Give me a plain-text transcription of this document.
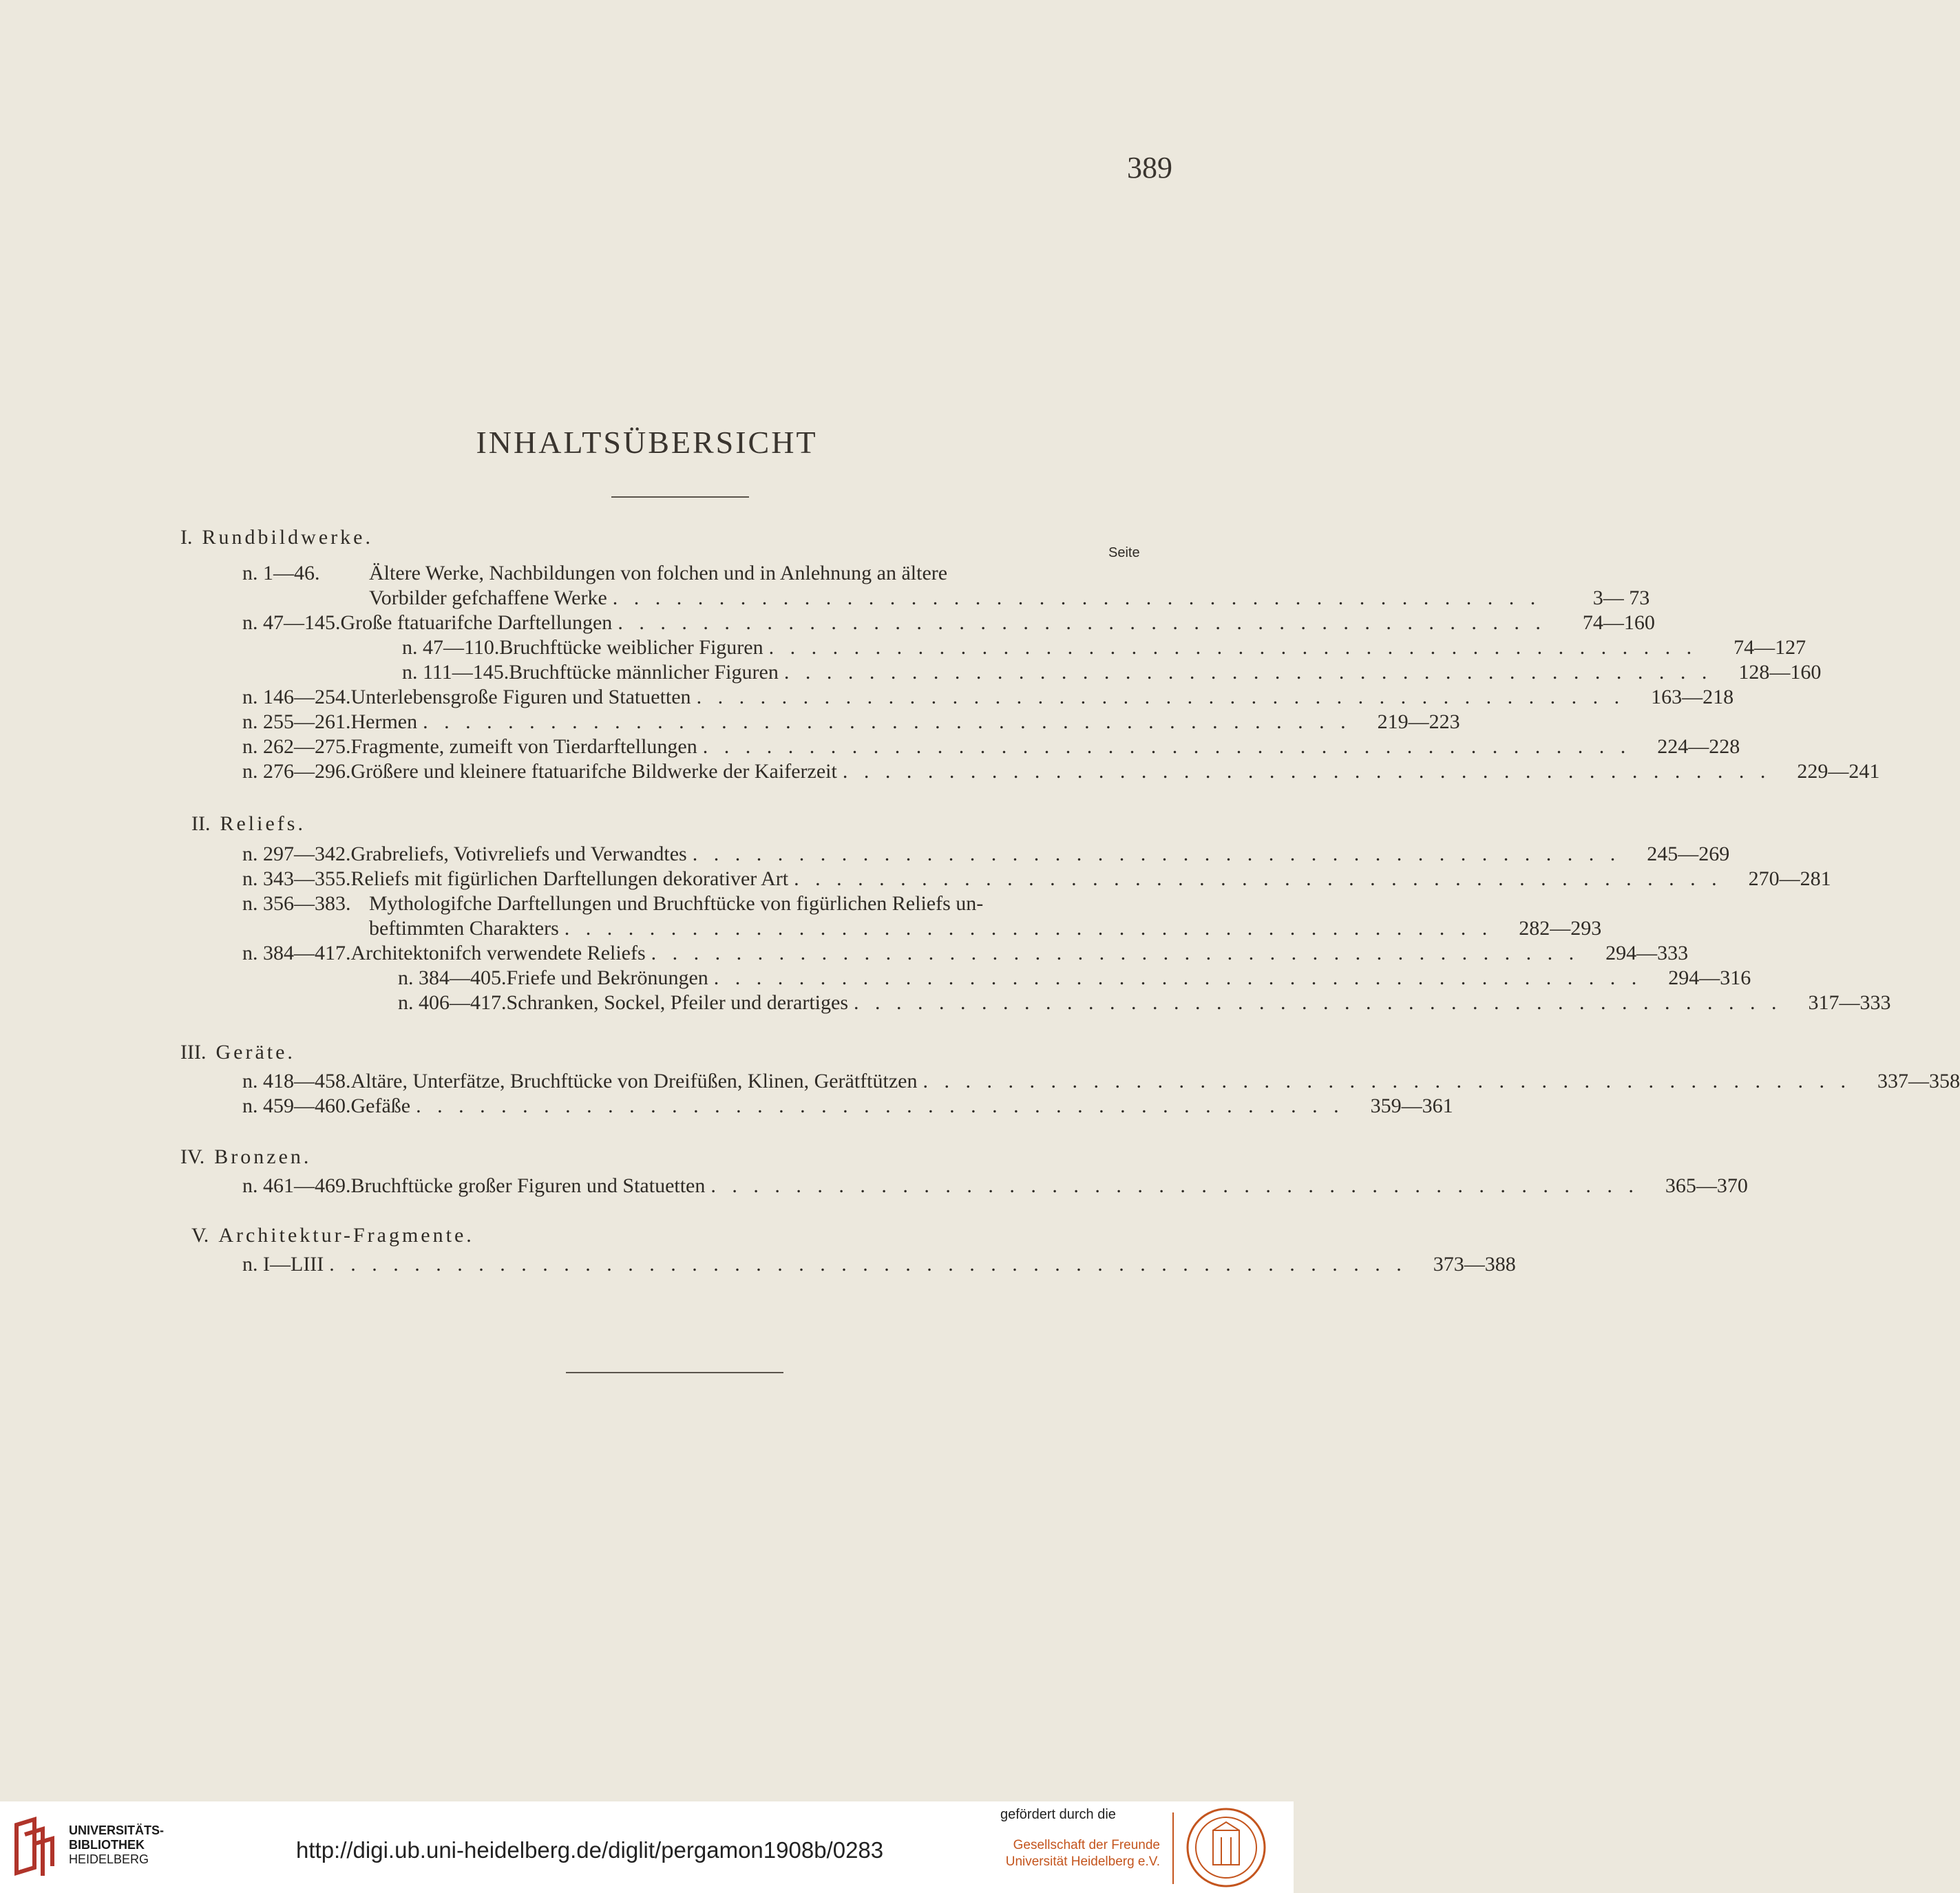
389
INHALTSÜBERSICHT
I. Rundbildwerke.
Seite
n. 1—46. Ältere Werke, Nachbildungen von folchen und in Anlehnung an ältere
Vorbilder gefchaffene Werke . . . . . . . . . . . . . . . . . . . . . . . . . . . . . . . . . . . . . . . . . . . .	3— 73
n. 47—145. Große ftatuarifche Darftellungen . . . . . . . . . . . . . . . . . . . . . . . . . . . . . . . . . . . . . . . . . . . .	74—160
n. 47—110. Bruchftücke weiblicher Figuren . . . . . . . . . . . . . . . . . . . . . . . . . . . . . . . . . . . . . . . . . . . .	74—127
n. 111—145. Bruchftücke männlicher Figuren . . . . . . . . . . . . . . . . . . . . . . . . . . . . . . . . . . . . . . . . . . . .	128—160
n. 146—254. Unterlebensgroße Figuren und Statuetten . . . . . . . . . . . . . . . . . . . . . . . . . . . . . . . . . . . . . . . . . . . .	163—218
n. 255—261. Hermen . . . . . . . . . . . . . . . . . . . . . . . . . . . . . . . . . . . . . . . . . . . .	219—223
n. 262—275. Fragmente, zumeift von Tierdarftellungen . . . . . . . . . . . . . . . . . . . . . . . . . . . . . . . . . . . . . . . . . . . .	224—228
n. 276—296. Größere und kleinere ftatuarifche Bildwerke der Kaiferzeit . . . . . . . . . . . . . . . . . . . . . . . . . . . . . . . . . . . . . . . . . . . .	229—241
II. Reliefs.
n. 297—342. Grabreliefs, Votivreliefs und Verwandtes . . . . . . . . . . . . . . . . . . . . . . . . . . . . . . . . . . . . . . . . . . . .	245—269
n. 343—355. Reliefs mit figürlichen Darftellungen dekorativer Art . . . . . . . . . . . . . . . . . . . . . . . . . . . . . . . . . . . . . . . . . . . .	270—281
n. 356—383. Mythologifche Darftellungen und Bruchftücke von figürlichen Reliefs un-
beftimmten Charakters . . . . . . . . . . . . . . . . . . . . . . . . . . . . . . . . . . . . . . . . . . . .	282—293
n. 384—417. Architektonifch verwendete Reliefs . . . . . . . . . . . . . . . . . . . . . . . . . . . . . . . . . . . . . . . . . . . .	294—333
n. 384—405. Friefe und Bekrönungen . . . . . . . . . . . . . . . . . . . . . . . . . . . . . . . . . . . . . . . . . . . .	294—316
n. 406—417. Schranken, Sockel, Pfeiler und derartiges . . . . . . . . . . . . . . . . . . . . . . . . . . . . . . . . . . . . . . . . . . . .	317—333
III. Geräte.
n. 418—458. Altäre, Unterfätze, Bruchftücke von Dreifüßen, Klinen, Gerätftützen . . . . . . . . . . . . . . . . . . . . . . . . . . . . . . . . . . . . . . . . . . . .	337—358
n. 459—460. Gefäße . . . . . . . . . . . . . . . . . . . . . . . . . . . . . . . . . . . . . . . . . . . .	359—361
IV. Bronzen.
n. 461—469. Bruchftücke großer Figuren und Statuetten . . . . . . . . . . . . . . . . . . . . . . . . . . . . . . . . . . . . . . . . . . . .	365—370
V. Architektur-Fragmente.
n. I—LIII . . . . . . . . . . . . . . . . . . . . . . . . . . . . . . . . . . . . . . . . . . . . . . . . . . .	373—388
UNIVERSITÄTS-
BIBLIOTHEK
HEIDELBERG	http://digi.ub.uni-heidelberg.de/diglit/pergamon1908b/0283
gefördert durch die
Gesellschaft der Freunde
Universität Heidelberg e.V.
